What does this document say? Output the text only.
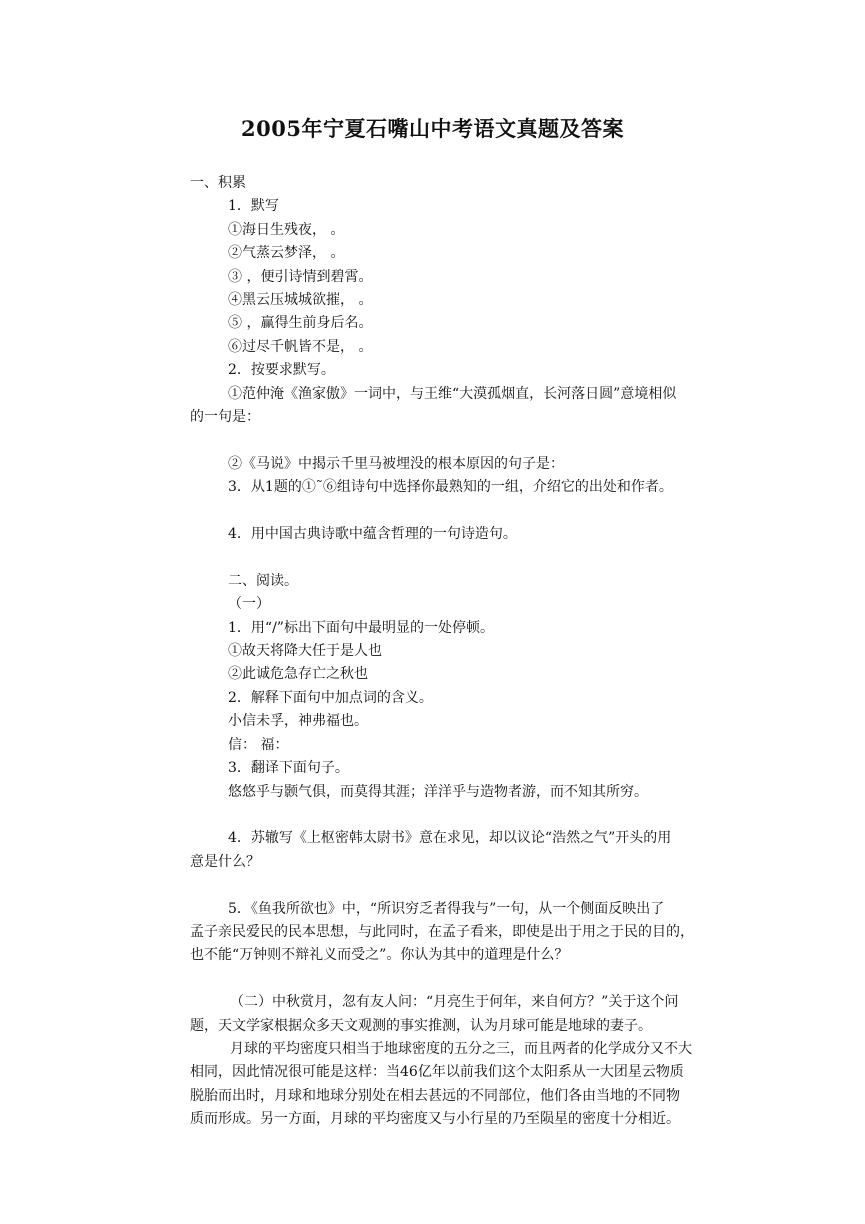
2005年宁夏石嘴山中考语文真题及答案
一、积累
1．默写
①海日生残夜， 。
②气蒸云梦泽， 。
③ ，便引诗情到碧霄。
④黑云压城城欲摧， 。
⑤ ，赢得生前身后名。
⑥过尽千帆皆不是， 。
2．按要求默写。
①范仲淹《渔家傲》一词中，与王维“大漠孤烟直，长河落日圆”意境相似
的一句是：
②《马说》中揭示千里马被埋没的根本原因的句子是：
3．从1题的①˜⑥组诗句中选择你最熟知的一组，介绍它的出处和作者。
4．用中国古典诗歌中蕴含哲理的一句诗造句。
二、阅读。
（一）
1．用“/”标出下面句中最明显的一处停顿。
①故天将降大任于是人也
②此诚危急存亡之秋也
2．解释下面句中加点词的含义。
小信未孚，神弗福也。
信： 福：
3．翻译下面句子。
悠悠乎与颢气俱，而莫得其涯；洋洋乎与造物者游，而不知其所穷。
4．苏辙写《上枢密韩太尉书》意在求见，却以议论“浩然之气”开头的用
意是什么？
5．《鱼我所欲也》中，“所识穷乏者得我与”一句，从一个侧面反映出了
孟子亲民爱民的民本思想，与此同时，在孟子看来，即使是出于用之于民的目的，
也不能“万钟则不辩礼义而受之”。你认为其中的道理是什么？
（二）中秋赏月，忽有友人问：“月亮生于何年，来自何方？”关于这个问
题，天文学家根据众多天文观测的事实推测，认为月球可能是地球的妻子。
月球的平均密度只相当于地球密度的五分之三，而且两者的化学成分又不大
相同，因此情况很可能是这样：当46亿年以前我们这个太阳系从一大团星云物质
脱胎而出时，月球和地球分别处在相去甚远的不同部位，他们各由当地的不同物
质而形成。另一方面，月球的平均密度又与小行星的乃至陨星的密度十分相近。
